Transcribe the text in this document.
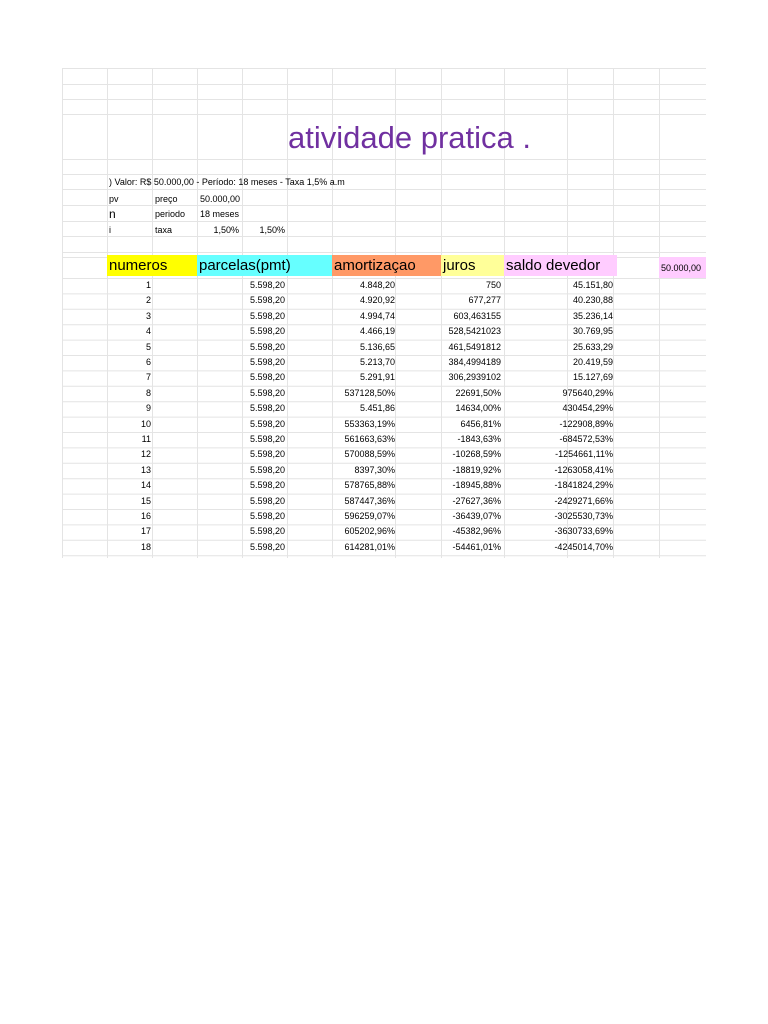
atividade pratica .
) Valor: R$ 50.000,00 - Período: 18 meses - Taxa 1,5% a.m
pv	preço 50.000,00
n	periodo 18 meses
i	taxa	1,50%	1,50%
numeros	parcelas(pmt)	amortizaçao	juros	saldo devedor	50.000,00
1	5.598,20	4.848,20	750	45.151,80
2	5.598,20	4.920,92	677,277	40.230,88
3	5.598,20	4.994,74	603,463155	35.236,14
4	5.598,20	4.466,19	528,5421023	30.769,95
5	5.598,20	5.136,65	461,5491812	25.633,29
6	5.598,20	5.213,70	384,4994189	20.419,59
7	5.598,20	5.291,91	306,2939102	15.127,69
8	5.598,20	537128,50%	22691,50%	975640,29%
9	5.598,20	5.451,86	14634,00%	430454,29%
10	5.598,20	553363,19%	6456,81%	-122908,89%
11	5.598,20	561663,63%	-1843,63%	-684572,53%
12	5.598,20	570088,59%	-10268,59%	-1254661,11%
13	5.598,20	8397,30%	-18819,92%	-1263058,41%
14	5.598,20	578765,88%	-18945,88%	-1841824,29%
15	5.598,20	587447,36%	-27627,36%	-2429271,66%
16	5.598,20	596259,07%	-36439,07%	-3025530,73%
17	5.598,20	605202,96%	-45382,96%	-3630733,69%
18	5.598,20	614281,01%	-54461,01%	-4245014,70%
